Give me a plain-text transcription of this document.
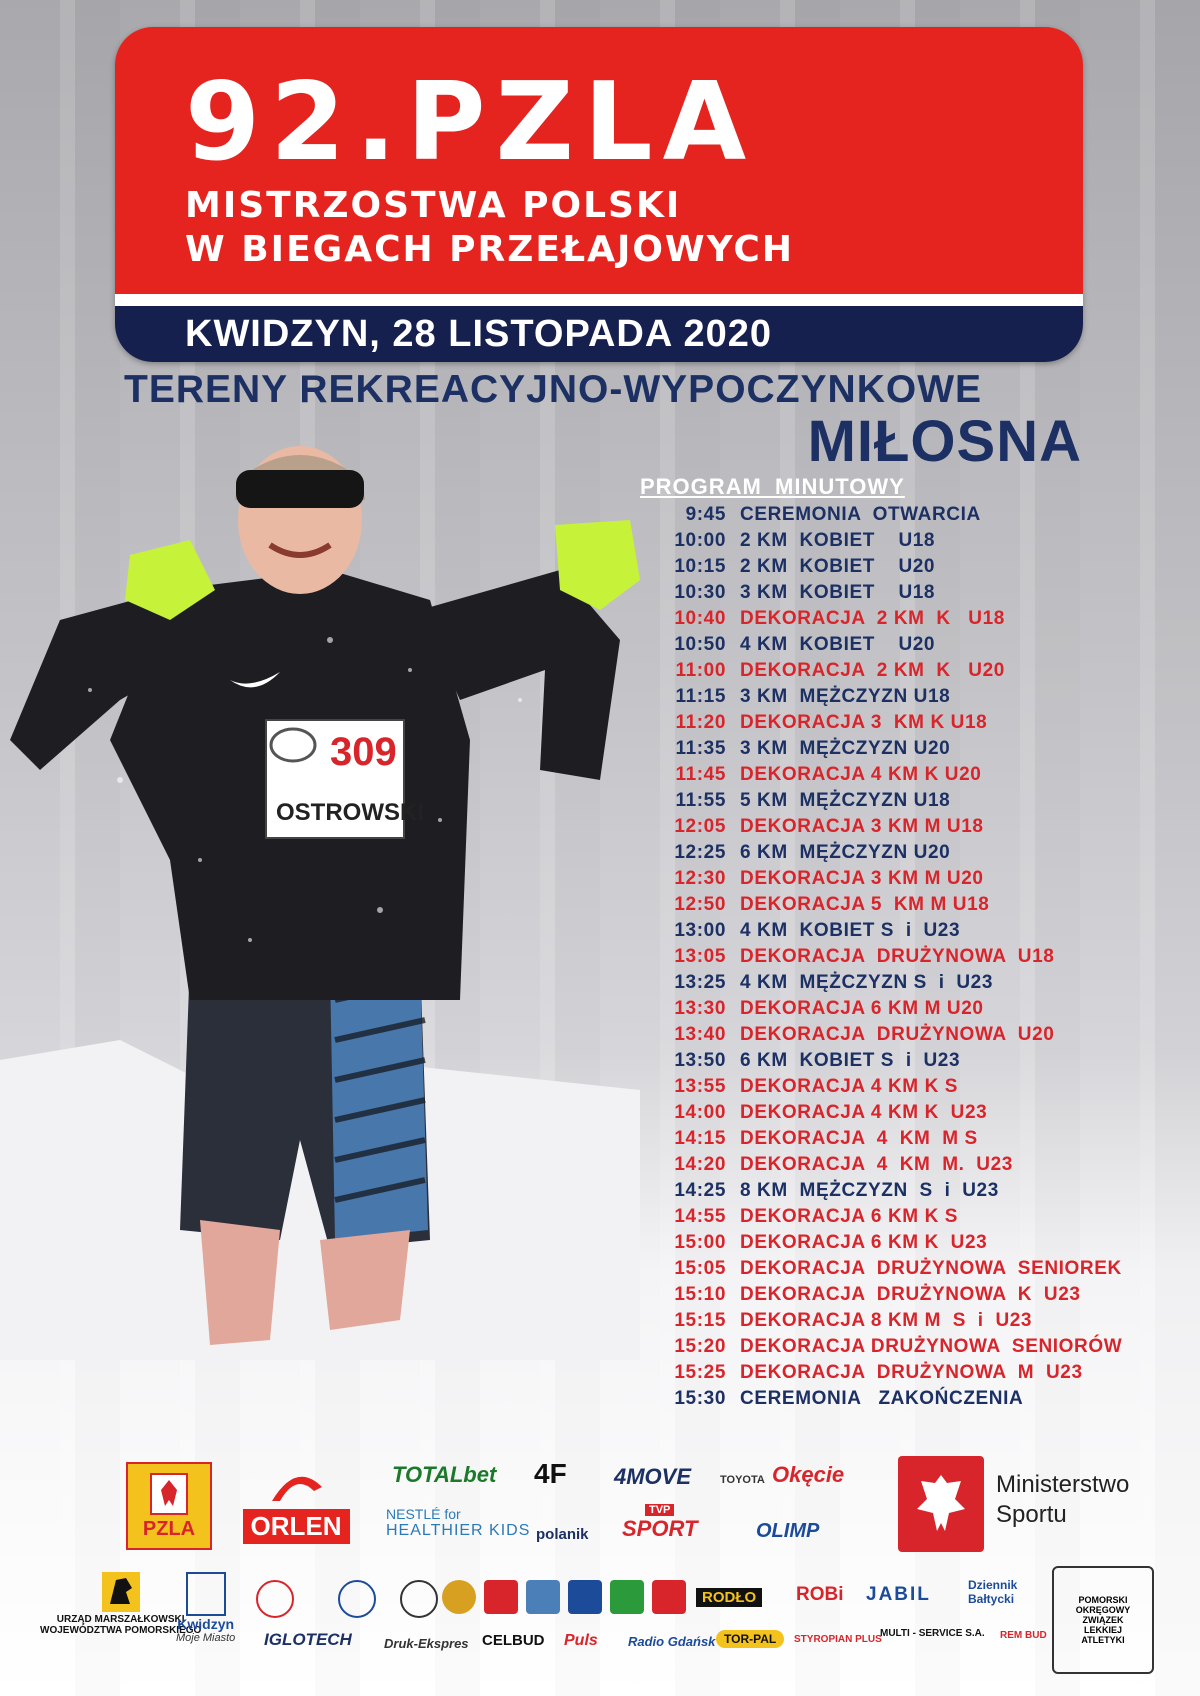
92.PZLA
MISTRZOSTWA POLSKI
W BIEGACH PRZEŁAJOWYCH
KWIDZYN, 28 LISTOPADA 2020
TERENY REKREACYJNO-WYPOCZYNKOWE
MIŁOSNA
309
OSTROWSKI
PROGRAM MINUTOWY
9:45 CEREMONIA  OTWARCIA
10:00 2 KM  KOBIET    U18
10:15 2 KM  KOBIET    U20
10:30 3 KM  KOBIET    U18
10:40 DEKORACJA  2 KM  K   U18
10:50 4 KM  KOBIET    U20
11:00 DEKORACJA  2 KM  K   U20
11:15 3 KM  MĘŻCZYZN U18
11:20 DEKORACJA 3  KM K U18
11:35 3 KM  MĘŻCZYZN U20
11:45 DEKORACJA 4 KM K U20
11:55 5 KM  MĘŻCZYZN U18
12:05 DEKORACJA 3 KM M U18
12:25 6 KM  MĘŻCZYZN U20
12:30 DEKORACJA 3 KM M U20
12:50 DEKORACJA 5  KM M U18
13:00 4 KM  KOBIET S  i  U23
13:05 DEKORACJA  DRUŻYNOWA  U18
13:25 4 KM  MĘŻCZYZN S  i  U23
13:30 DEKORACJA 6 KM M U20
13:40 DEKORACJA  DRUŻYNOWA  U20
13:50 6 KM  KOBIET S  i  U23
13:55 DEKORACJA 4 KM K S
14:00 DEKORACJA 4 KM K  U23
14:15 DEKORACJA  4  KM  M S
14:20 DEKORACJA  4  KM  M.  U23
14:25 8 KM  MĘŻCZYZN  S  i  U23
14:55 DEKORACJA 6 KM K S
15:00 DEKORACJA 6 KM K  U23
15:05 DEKORACJA  DRUŻYNOWA  SENIOREK
15:10 DEKORACJA  DRUŻYNOWA  K  U23
15:15 DEKORACJA 8 KM M  S  i  U23
15:20 DEKORACJA DRUŻYNOWA  SENIORÓW
15:25 DEKORACJA  DRUŻYNOWA  M  U23
15:30 CEREMONIA   ZAKOŃCZENIA
PZLA	ORLEN
TOTALbet 4F 4MOVE	TOYOTA Okęcie
NESTLÉ for
HEALTHIER KIDS polanik
TVP
SPORT	OLIMP
Ministerstwo
Sportu
URZĄD MARSZAŁKOWSKI
WOJEWÓDZTWA POMORSKIEGO
Kwidzyn
Moje Miasto
RODŁO	ROBi JABIL	Dziennik
Bałtycki
IGLOTECH Druk-Ekspres CELBUD Puls Radio Gdańsk TOR-PAL	STYROPIAN PLUS
MULTI - SERVICE S.A. REM BUD
POMORSKI
OKRĘGOWY
ZWIĄZEK
LEKKIEJ
ATLETYKI
